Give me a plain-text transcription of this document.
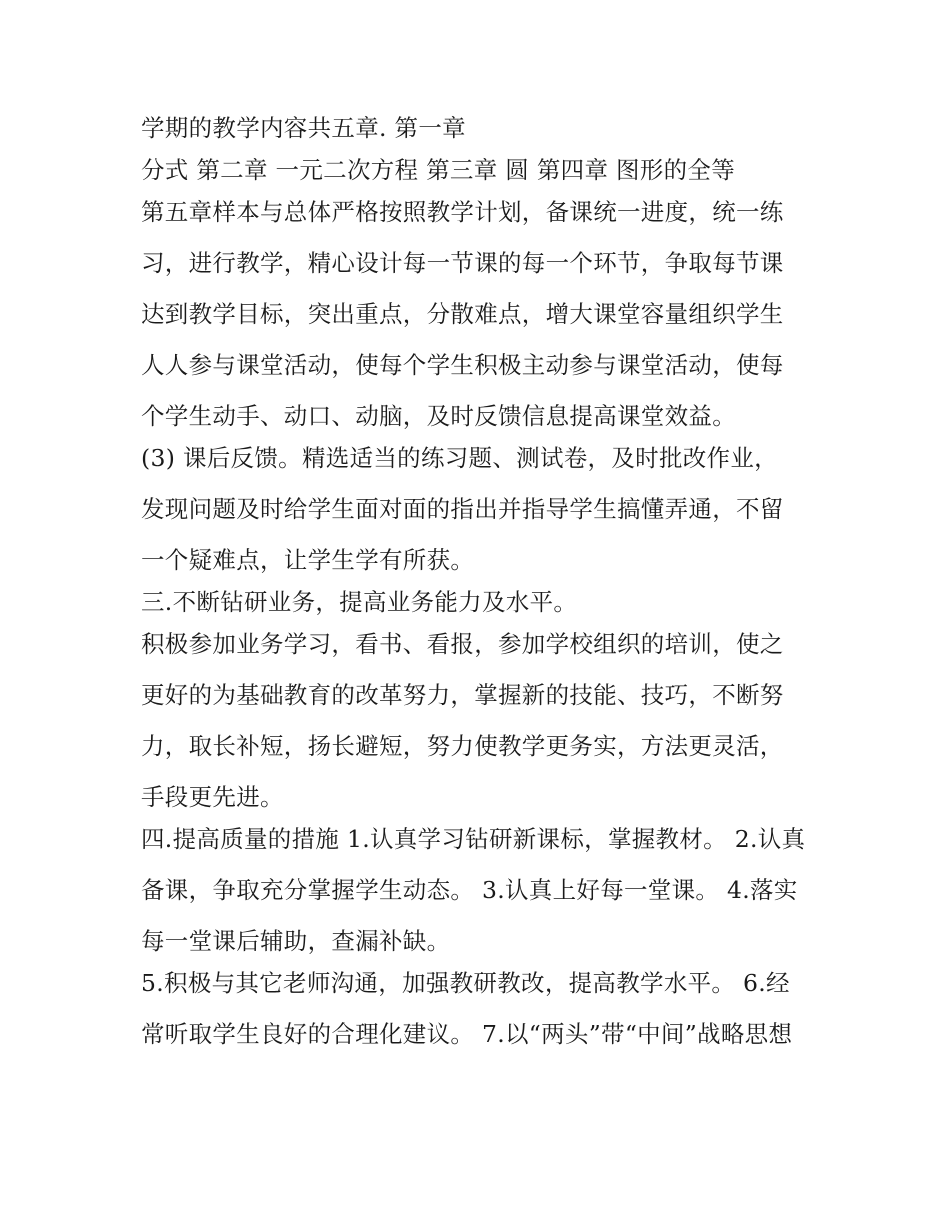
学期的教学内容共五章. 第一章
分式 第二章 一元二次方程 第三章 圆 第四章 图形的全等
第五章样本与总体严格按照教学计划，备课统一进度，统一练
习，进行教学，精心设计每一节课的每一个环节，争取每节课
达到教学目标，突出重点，分散难点，增大课堂容量组织学生
人人参与课堂活动，使每个学生积极主动参与课堂活动，使每
个学生动手、动口、动脑，及时反馈信息提高课堂效益。
(3) 课后反馈。精选适当的练习题、测试卷，及时批改作业，
发现问题及时给学生面对面的指出并指导学生搞懂弄通，不留
一个疑难点，让学生学有所获。
三.不断钻研业务，提高业务能力及水平。
积极参加业务学习，看书、看报，参加学校组织的培训，使之
更好的为基础教育的改革努力，掌握新的技能、技巧，不断努
力，取长补短，扬长避短，努力使教学更务实，方法更灵活，
手段更先进。
四.提高质量的措施 1.认真学习钻研新课标，掌握教材。 2.认真
备课，争取充分掌握学生动态。 3.认真上好每一堂课。 4.落实
每一堂课后辅助，查漏补缺。
5.积极与其它老师沟通，加强教研教改，提高教学水平。 6.经
常听取学生良好的合理化建议。 7.以“两头”带“中间”战略思想
